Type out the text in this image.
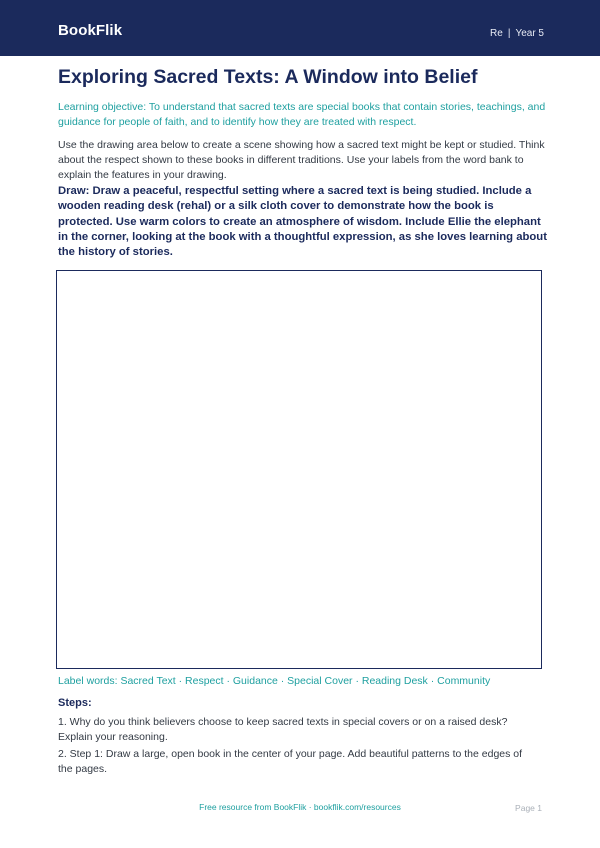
BookFlik	Re | Year 5
Exploring Sacred Texts: A Window into Belief

Learning objective: To understand that sacred texts are special books that contain stories, teachings, and guidance for people of faith, and to identify how they are treated with respect.

Use the drawing area below to create a scene showing how a sacred text might be kept or studied. Think about the respect shown to these books in different traditions. Use your labels from the word bank to explain the features in your drawing.

Draw: Draw a peaceful, respectful setting where a sacred text is being studied. Include a wooden reading desk (rehal) or a silk cloth cover to demonstrate how the book is protected. Use warm colors to create an atmosphere of wisdom. Include Ellie the elephant in the corner, looking at the book with a thoughtful expression, as she loves learning about the history of stories.

Label words: Sacred Text · Respect · Guidance · Special Cover · Reading Desk · Community
Steps:
1. Why do you think believers choose to keep sacred texts in special covers or on a raised desk? Explain your reasoning.
2. Step 1: Draw a large, open book in the center of your page. Add beautiful patterns to the edges of the pages.
Free resource from BookFlik · bookflik.com/resources	Page 1
